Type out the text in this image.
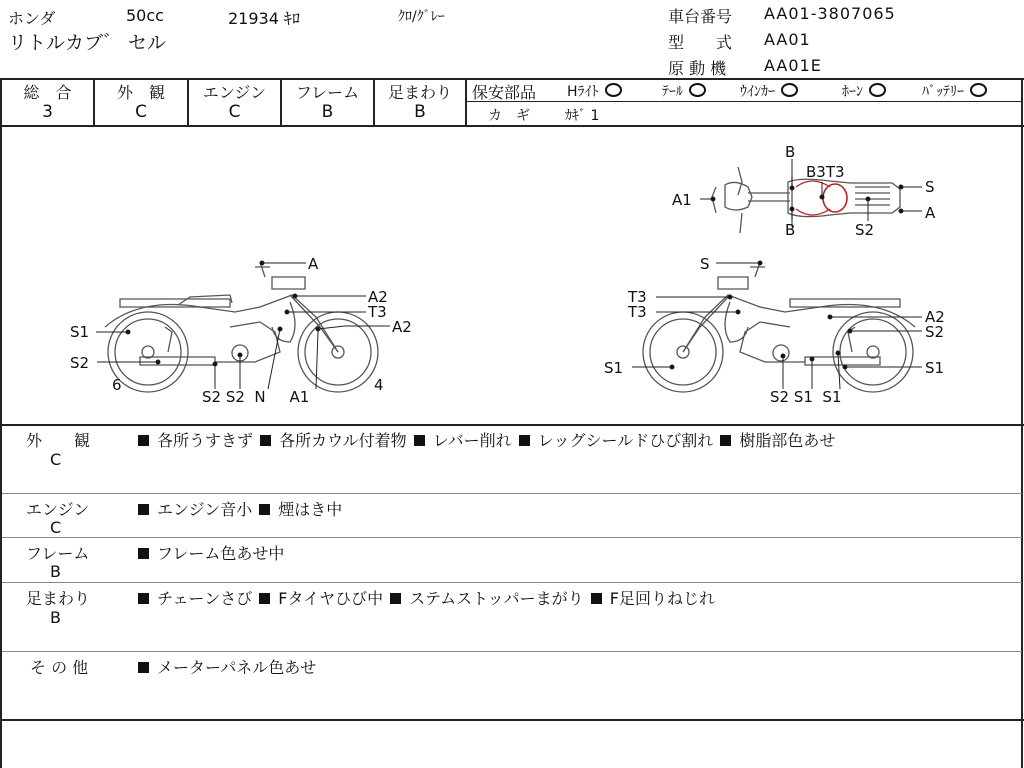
ホンダ	50cc	21934 ｷﾛ	ｸﾛ/ｸﾞﾚｰ
リトルカブ゛ セル
車台番号 AA01-3807065
型　　式 AA01
原 動 機 AA01E
総　合
3
外　観
C
エンジン
C
フレーム
B
足まわり
B
保安部品 Hﾗｲﾄ	ﾃｰﾙ	ｳｲﾝｶｰ	ﾎｰﾝ	ﾊﾞｯﾃﾘｰ
カ　ギ	ｶｷﾞ 1
A1
B
B3T3
S
A
B	S2
A
A2
T3
A2
S1
S2
6
S2 S2  N     A1
4
S
T3
T3	A2
S2
S1	S1
S2 S1  S1
外　　観
C
各所うすきず 各所カウル付着物 レバー削れ レッグシールドひび割れ 樹脂部色あせ
エンジン
C
エンジン音小 煙はき中
フレーム
B
フレーム色あせ中
足まわり
B
チェーンさび Fタイヤひび中 ステムストッパーまがり F足回りねじれ
そ の 他	メーターパネル色あせ
